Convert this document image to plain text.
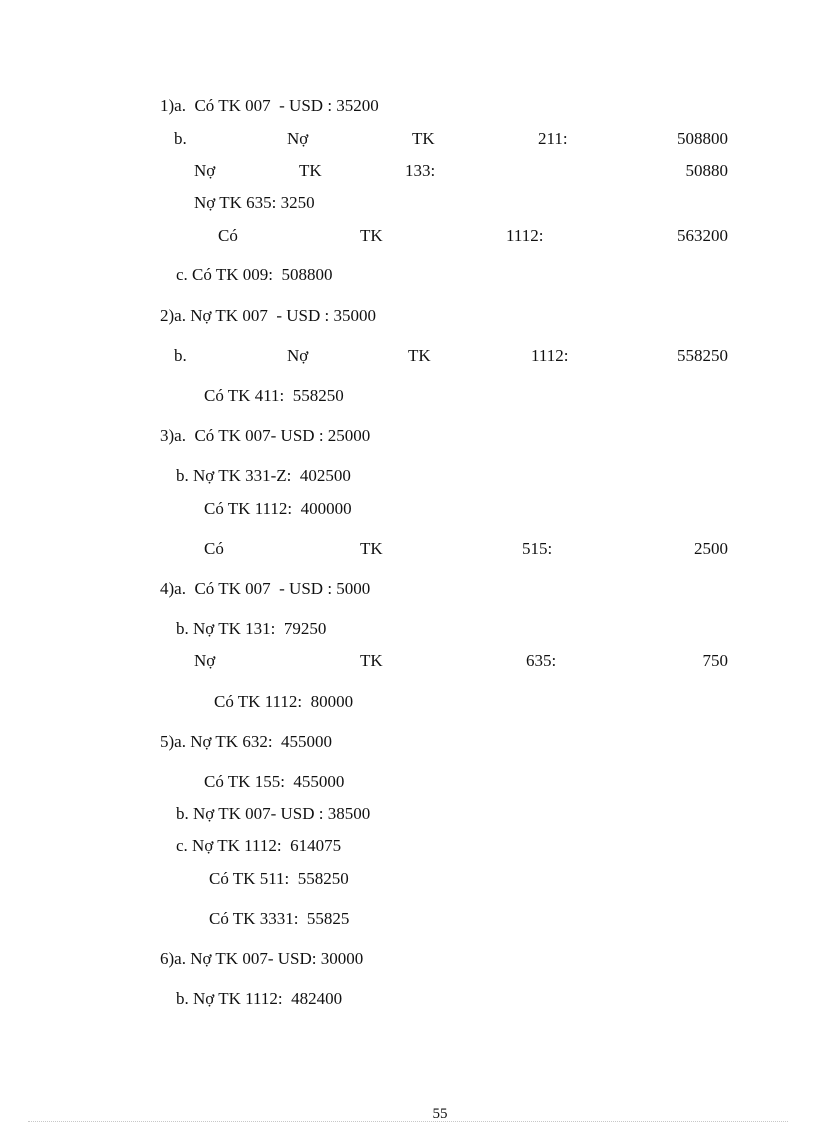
1)a.  Có TK 007  - USD : 35200
b.	Nợ	TK	211:	508800
Nợ	TK	133:	50880
Nợ TK 635: 3250
Có	TK	1112:	563200
c. Có TK 009:  508800
2)a. Nợ TK 007  - USD : 35000
b.	Nợ	TK	1112:	558250
Có TK 411:  558250
3)a.  Có TK 007- USD : 25000
b. Nợ TK 331-Z:  402500
Có TK 1112:  400000
Có	TK	515:	2500
4)a.  Có TK 007  - USD : 5000
b. Nợ TK 131:  79250
Nợ	TK	635:	750
Có TK 1112:  80000
5)a. Nợ TK 632:  455000
Có TK 155:  455000
b. Nợ TK 007- USD : 38500
c. Nợ TK 1112:  614075
Có TK 511:  558250
Có TK 3331:  55825
6)a. Nợ TK 007- USD: 30000
b. Nợ TK 1112:  482400
55
